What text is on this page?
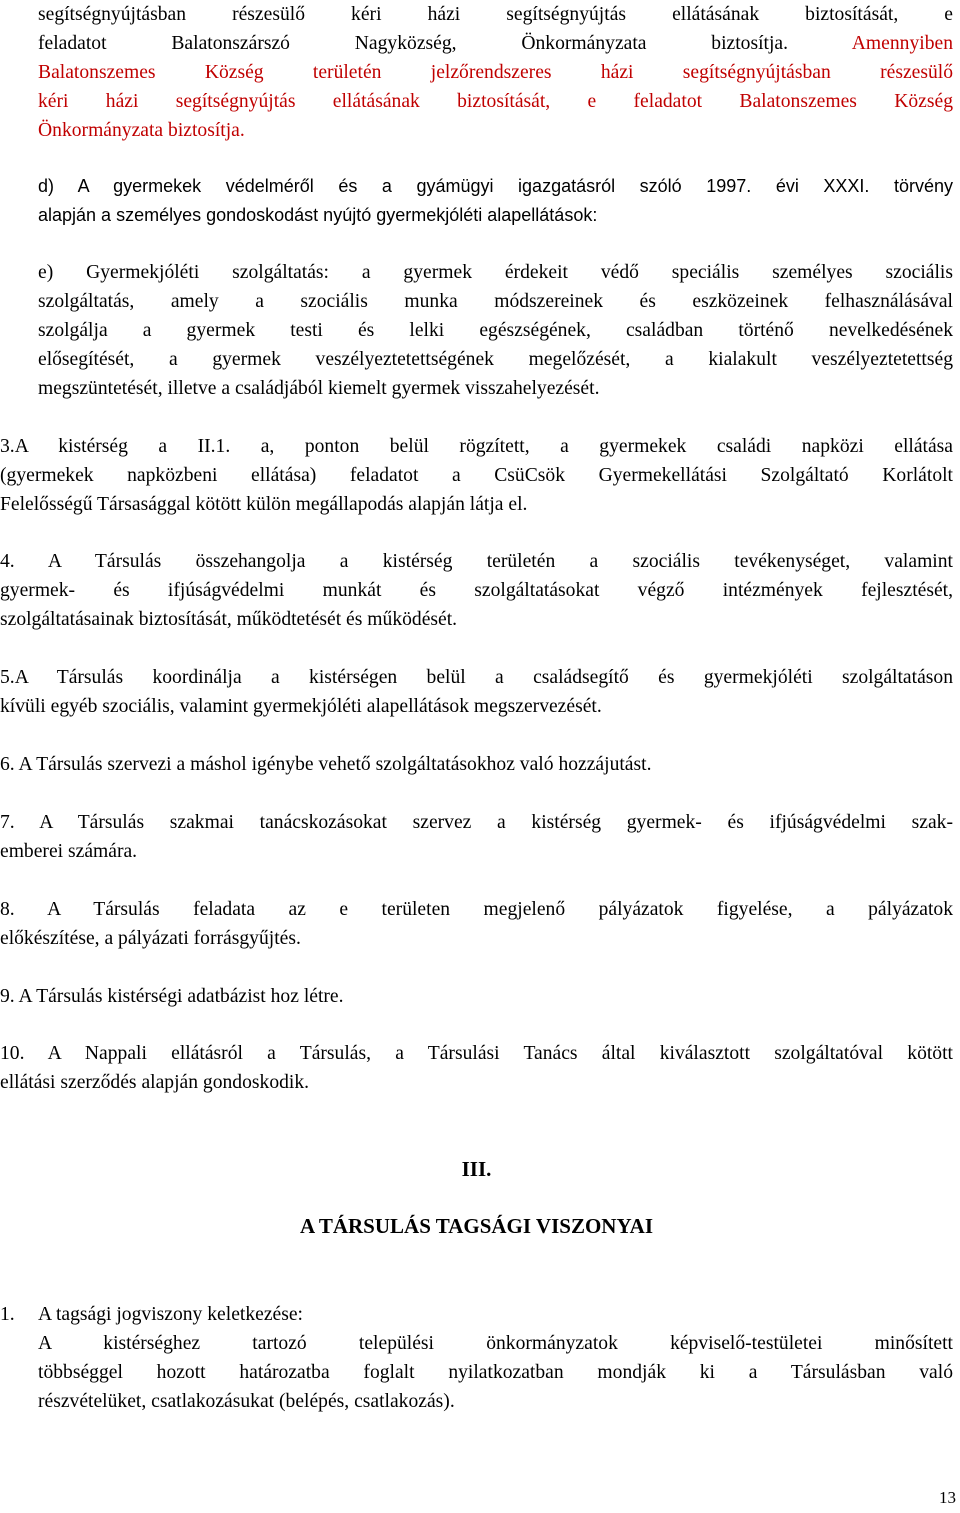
segítségnyújtásban részesülő kéri házi segítségnyújtás ellátásának biztosítását, e
feladatot Balatonszárszó Nagyközség, Önkormányzata biztosítja.	Amennyiben
Balatonszemes Község területén jelzőrendszeres házi segítségnyújtásban részesülő
kéri házi segítségnyújtás ellátásának biztosítását, e feladatot Balatonszemes Község
Önkormányzata biztosítja.
d) A gyermekek védelméről és a gyámügyi igazgatásról szóló 1997. évi XXXI. törvény
alapján a személyes gondoskodást nyújtó gyermekjóléti alapellátások:
e) Gyermekjóléti szolgáltatás: a gyermek érdekeit védő speciális személyes szociális
szolgáltatás, amely a szociális munka módszereinek és eszközeinek felhasználásával
szolgálja a gyermek testi és lelki egészségének, családban történő nevelkedésének
elősegítését, a gyermek veszélyeztetettségének megelőzését, a kialakult veszélyeztetettség
megszüntetését, illetve a családjából kiemelt gyermek visszahelyezését.
3.A kistérség a II.1. a, ponton belül rögzített, a gyermekek családi napközi ellátása
(gyermekek napközbeni ellátása) feladatot a CsüCsök Gyermekellátási Szolgáltató Korlátolt
Felelősségű Társasággal kötött külön megállapodás alapján látja el.
4. A Társulás összehangolja a kistérség területén a szociális tevékenységet, valamint
gyermek- és ifjúságvédelmi munkát és szolgáltatásokat végző intézmények fejlesztését,
szolgáltatásainak biztosítását, működtetését és működését.
5.A Társulás koordinálja a kistérségen belül a családsegítő és gyermekjóléti szolgáltatáson
kívüli egyéb szociális, valamint gyermekjóléti alapellátások megszervezését.
6. A Társulás szervezi a máshol igénybe vehető szolgáltatásokhoz való hozzájutást.
7. A Társulás szakmai tanácskozásokat szervez a kistérség gyermek- és ifjúságvédelmi szak-
emberei számára.
8. A Társulás feladata az e területen megjelenő pályázatok figyelése, a pályázatok
előkészítése, a pályázati forrásgyűjtés.
9. A Társulás kistérségi adatbázist hoz létre.
10. A Nappali ellátásról a Társulás, a Társulási Tanács által kiválasztott szolgáltatóval kötött
ellátási szerződés alapján gondoskodik.
III.
A TÁRSULÁS TAGSÁGI VISZONYAI
1. A tagsági jogviszony keletkezése:
A kistérséghez tartozó települési önkormányzatok képviselő-testületei minősített
többséggel hozott határozatba foglalt nyilatkozatban mondják ki a Társulásban való
részvételüket, csatlakozásukat (belépés, csatlakozás).
13
